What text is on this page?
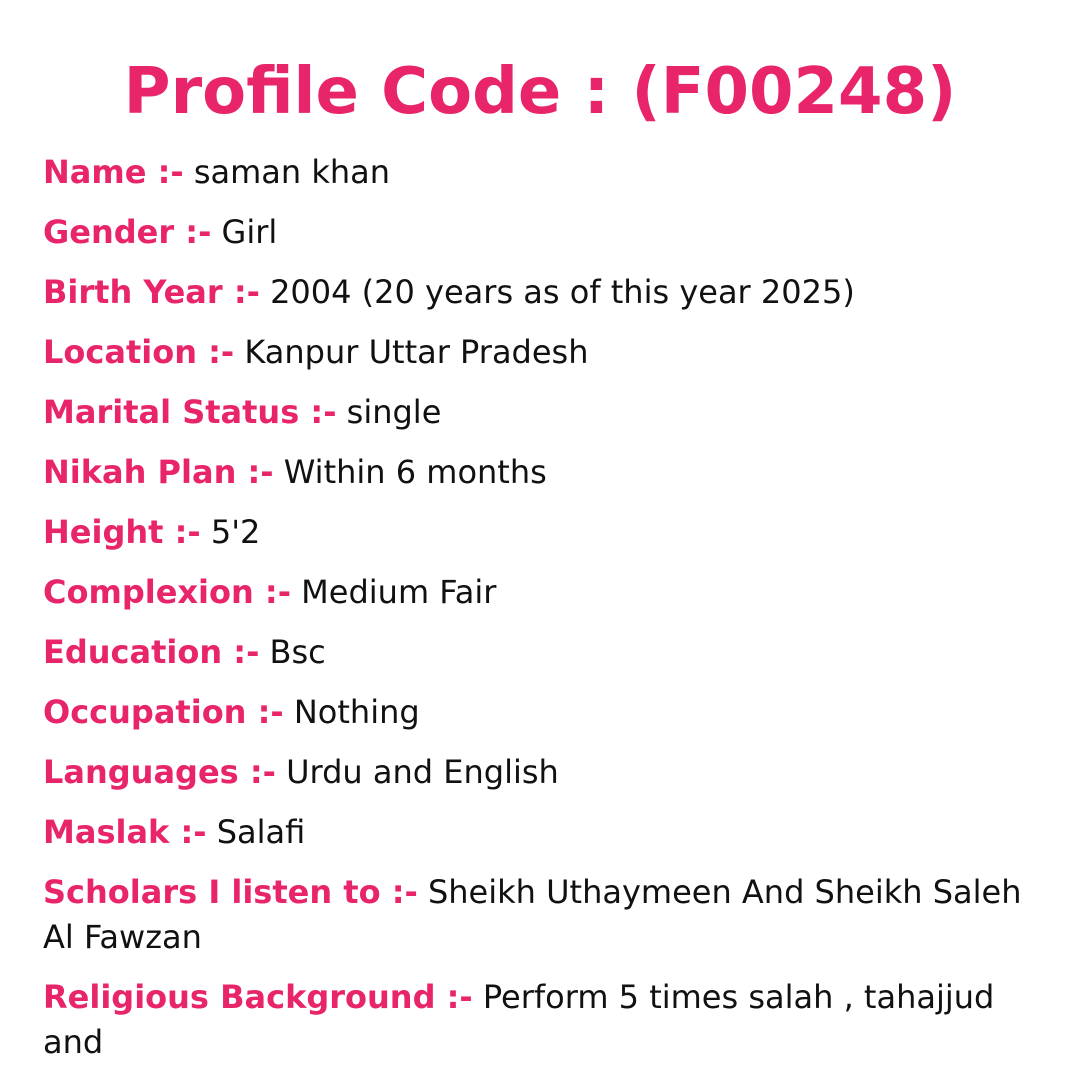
Profile Code : (F00248)

Name :- saman khan

Gender :- Girl

Birth Year :- 2004 (20 years as of this year 2025)

Location :- Kanpur Uttar Pradesh

Marital Status :- single

Nikah Plan :- Within 6 months

Height :- 5'2

Complexion :- Medium Fair

Education :- Bsc

Occupation :- Nothing

Languages :- Urdu and English

Maslak :- Salafi

Scholars I listen to :- Sheikh Uthaymeen And Sheikh Saleh Al Fawzan

Religious Background :- Perform 5 times salah , tahajjud and
